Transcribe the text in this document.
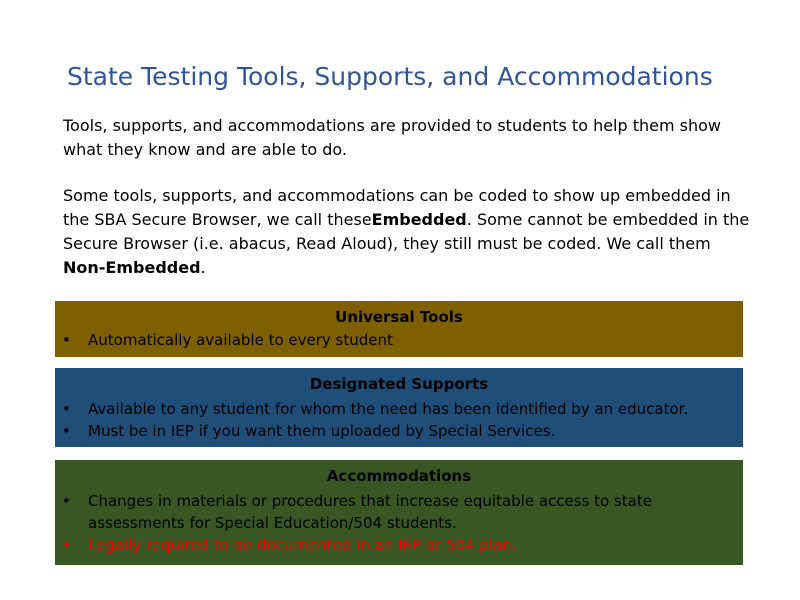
State Testing Tools, Supports, and Accommodations

Tools, supports, and accommodations are provided to students to help them show what they know and are able to do.

Some tools, supports, and accommodations can be coded to show up embedded in the SBA Secure Browser, we call theseEmbedded. Some cannot be embedded in the Secure Browser (i.e. abacus, Read Aloud), they still must be coded. We call them Non-Embedded.

Universal Tools
• Automatically available to every student
Designated Supports
• Available to any student for whom the need has been identified by an educator.
• Must be in IEP if you want them uploaded by Special Services.
Accommodations
• Changes in materials or procedures that increase equitable access to state assessments for Special Education/504 students.
• Legally required to be documented in an IEP or 504 plan.
